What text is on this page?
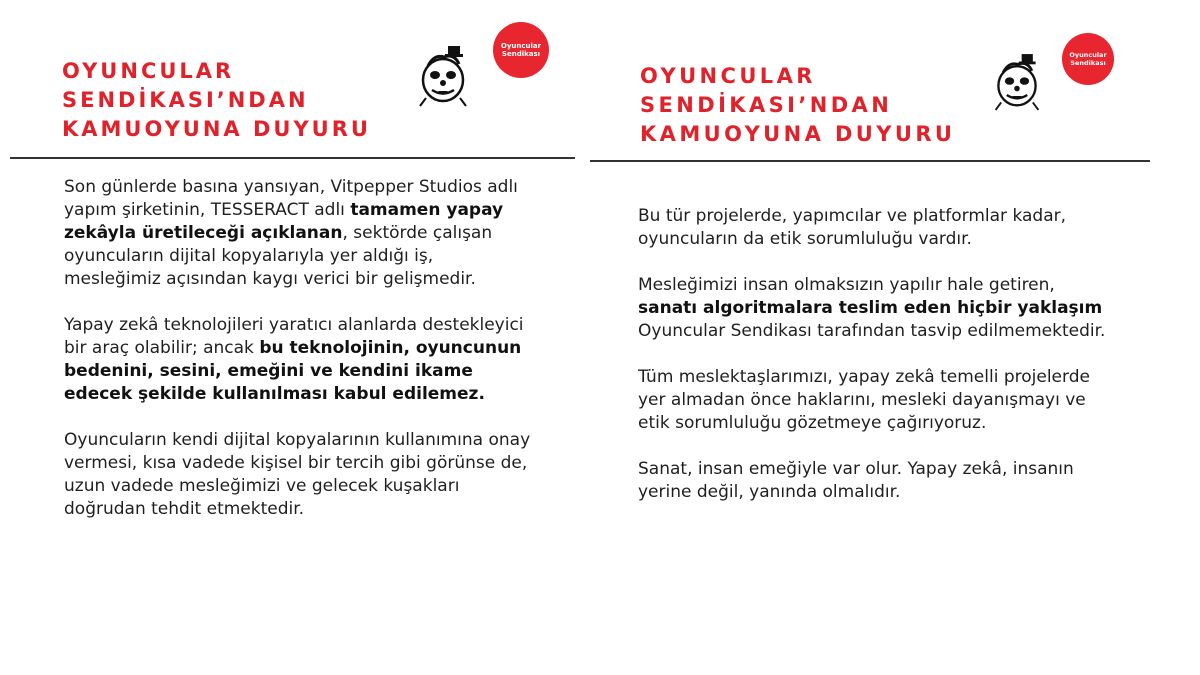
OYUNCULAR
SENDİKASI’NDAN
KAMUOYUNA DUYURU
Oyuncular
Sendikası

Son günlerde basına yansıyan, Vitpepper Studios adlı yapım şirketinin, TESSERACT adlı tamamen yapay zekâyla üretileceği açıklanan, sektörde çalışan oyuncuların dijital kopyalarıyla yer aldığı iş, mesleğimiz açısından kaygı verici bir gelişmedir.

Yapay zekâ teknolojileri yaratıcı alanlarda destekleyici bir araç olabilir; ancak bu teknolojinin, oyuncunun bedenini, sesini, emeğini ve kendini ikame edecek şekilde kullanılması kabul edilemez.

Oyuncuların kendi dijital kopyalarının kullanımına onay vermesi, kısa vadede kişisel bir tercih gibi görünse de, uzun vadede mesleğimizi ve gelecek kuşakları doğrudan tehdit etmektedir.

OYUNCULAR
SENDİKASI’NDAN
KAMUOYUNA DUYURU
Oyuncular
Sendikası

Bu tür projelerde, yapımcılar ve platformlar kadar, oyuncuların da etik sorumluluğu vardır.

Mesleğimizi insan olmaksızın yapılır hale getiren, sanatı algoritmalara teslim eden hiçbir yaklaşım Oyuncular Sendikası tarafından tasvip edilmemektedir.

Tüm meslektaşlarımızı, yapay zekâ temelli projelerde yer almadan önce haklarını, mesleki dayanışmayı ve etik sorumluluğu gözetmeye çağırıyoruz.

Sanat, insan emeğiyle var olur. Yapay zekâ, insanın yerine değil, yanında olmalıdır.
